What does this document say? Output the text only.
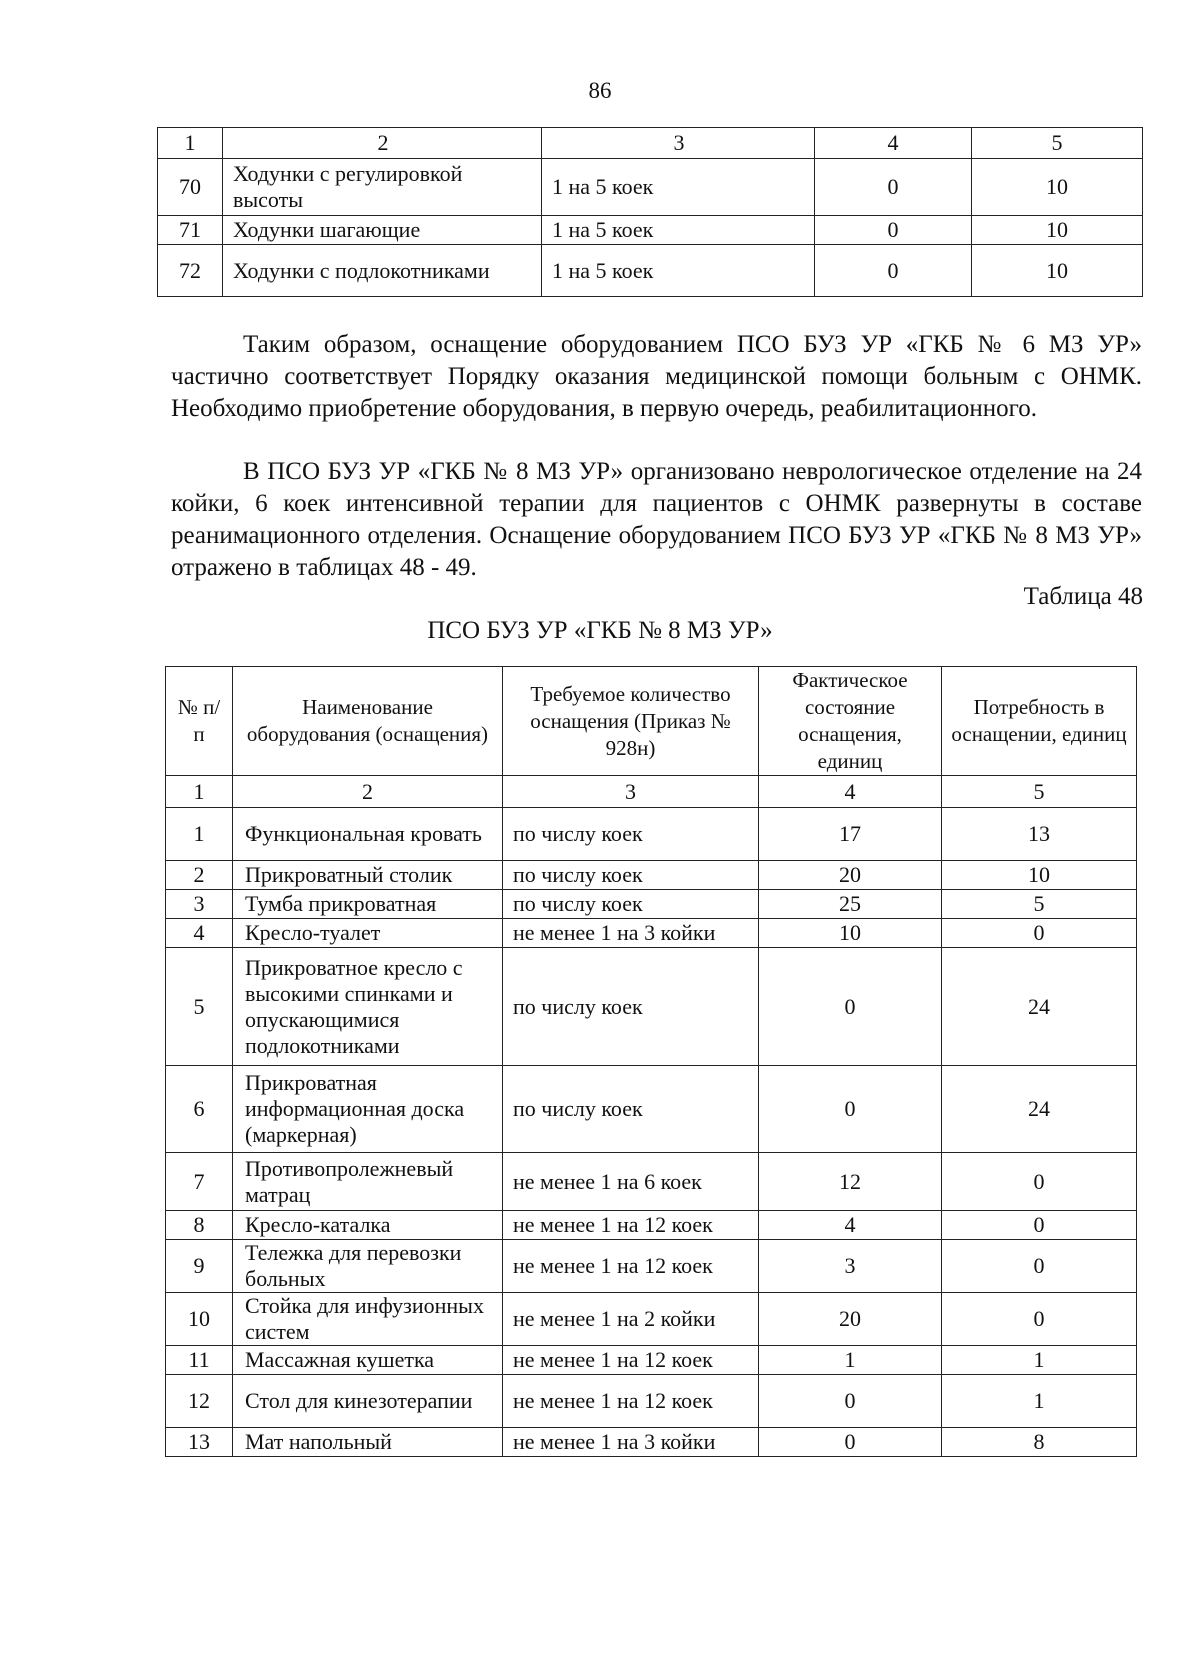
86
1	2	3	4	5
70	Ходунки с регулировкой высоты	1 на 5 коек	0	10
71	Ходунки шагающие	1 на 5 коек	0	10
72	Ходунки с подлокотниками	1 на 5 коек	0	10

Таким образом, оснащение оборудованием ПСО БУЗ УР «ГКБ № 6 МЗ УР» частично соответствует Порядку оказания медицинской помощи больным с ОНМК. Необходимо приобретение оборудования, в первую очередь, реабилитационного.

В ПСО БУЗ УР «ГКБ № 8 МЗ УР» организовано неврологическое отделение на 24 койки, 6 коек интенсивной терапии для пациентов с ОНМК развернуты в составе реанимационного отделения. Оснащение оборудованием ПСО БУЗ УР «ГКБ № 8 МЗ УР» отражено в таблицах 48 - 49.

Таблица 48
ПСО БУЗ УР «ГКБ № 8 МЗ УР»
№ п/п	Наименование оборудования (оснащения)	Требуемое количество оснащения (Приказ № 928н)	Фактическое состояние оснащения, единиц	Потребность в оснащении, единиц
1	2	3	4	5
1	Функциональная кровать	по числу коек	17	13
2	Прикроватный столик	по числу коек	20	10
3	Тумба прикроватная	по числу коек	25	5
4	Кресло-туалет	не менее 1 на 3 койки	10	0
5	Прикроватное кресло с высокими спинками и опускающимися подлокотниками	по числу коек	0	24
6	Прикроватная информационная доска (маркерная)	по числу коек	0	24
7	Противопролежневый матрац	не менее 1 на 6 коек	12	0
8	Кресло-каталка	не менее 1 на 12 коек	4	0
9	Тележка для перевозки больных	не менее 1 на 12 коек	3	0
10	Стойка для инфузионных систем	не менее 1 на 2 койки	20	0
11	Массажная кушетка	не менее 1 на 12 коек	1	1
12	Стол для кинезотерапии	не менее 1 на 12 коек	0	1
13	Мат напольный	не менее 1 на 3 койки	0	8
